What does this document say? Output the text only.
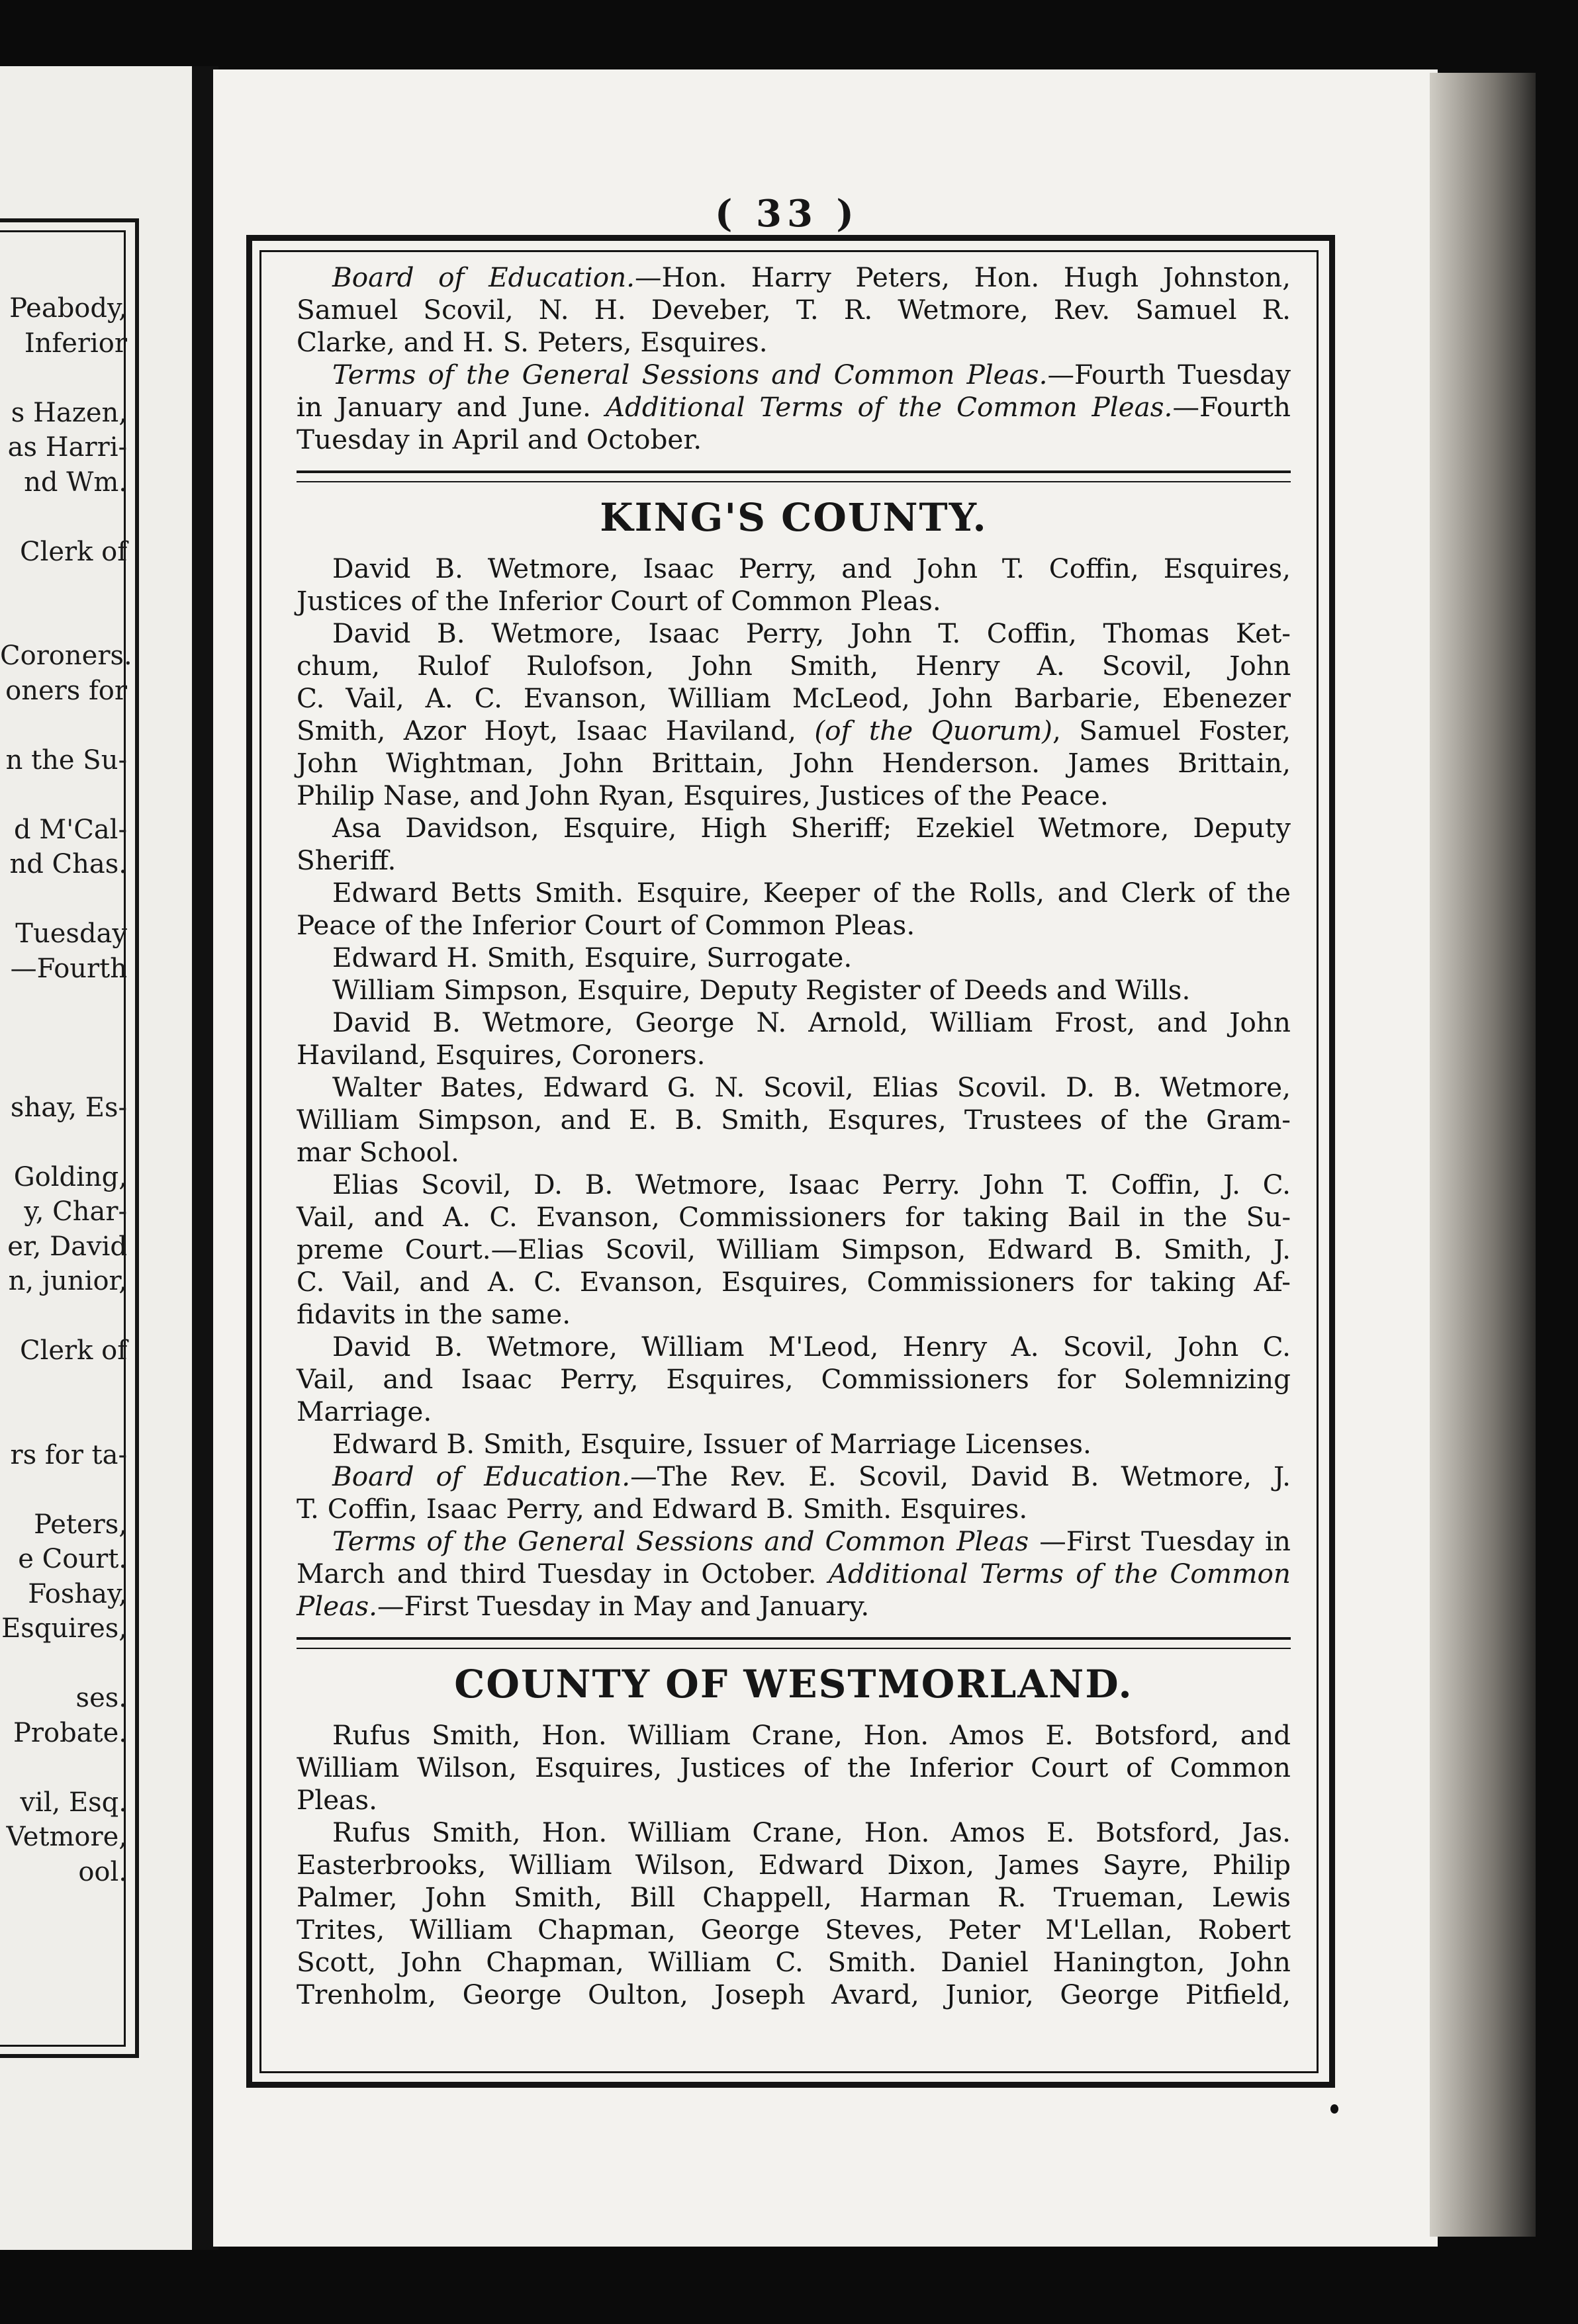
Peabody,
Inferior
s Hazen,
as Harri-
nd Wm.
Clerk of
Coroners.
oners for
n the Su-
d M'Cal-
nd Chas.
Tuesday
—Fourth
shay, Es-
Golding,
y, Char-
er, David
n, junior,
Clerk of
rs for ta-
Peters,
e Court.
Foshay,
Esquires,
ses.
Probate.
vil, Esq.
Vetmore,
ool.
( 33 )

Board of Education.—Hon. Harry Peters, Hon. Hugh Johnston,
Samuel Scovil, N. H. Deveber, T. R. Wetmore, Rev. Samuel R.
Clarke, and H. S. Peters, Esquires.

Terms of the General Sessions and Common Pleas.—Fourth Tuesday
in January and June. Additional Terms of the Common Pleas.—Fourth
Tuesday in April and October.

KING'S COUNTY.

David B. Wetmore, Isaac Perry, and John T. Coffin, Esquires,
Justices of the Inferior Court of Common Pleas.

David B. Wetmore, Isaac Perry, John T. Coffin, Thomas Ket-
chum, Rulof Rulofson, John Smith, Henry A. Scovil, John
C. Vail, A. C. Evanson, William McLeod, John Barbarie, Ebenezer
Smith, Azor Hoyt, Isaac Haviland, (of the Quorum), Samuel Foster,
John Wightman, John Brittain, John Henderson. James Brittain,
Philip Nase, and John Ryan, Esquires, Justices of the Peace.

Asa Davidson, Esquire, High Sheriff; Ezekiel Wetmore, Deputy
Sheriff.

Edward Betts Smith. Esquire, Keeper of the Rolls, and Clerk of the
Peace of the Inferior Court of Common Pleas.

Edward H. Smith, Esquire, Surrogate.

William Simpson, Esquire, Deputy Register of Deeds and Wills.

David B. Wetmore, George N. Arnold, William Frost, and John
Haviland, Esquires, Coroners.

Walter Bates, Edward G. N. Scovil, Elias Scovil. D. B. Wetmore,
William Simpson, and E. B. Smith, Esqures, Trustees of the Gram-
mar School.

Elias Scovil, D. B. Wetmore, Isaac Perry. John T. Coffin, J. C.
Vail, and A. C. Evanson, Commissioners for taking Bail in the Su-
preme Court.—Elias Scovil, William Simpson, Edward B. Smith, J.
C. Vail, and A. C. Evanson, Esquires, Commissioners for taking Af-
fidavits in the same.

David B. Wetmore, William M'Leod, Henry A. Scovil, John C.
Vail, and Isaac Perry, Esquires, Commissioners for Solemnizing
Marriage.

Edward B. Smith, Esquire, Issuer of Marriage Licenses.

Board of Education.—The Rev. E. Scovil, David B. Wetmore, J.
T. Coffin, Isaac Perry, and Edward B. Smith. Esquires.

Terms of the General Sessions and Common Pleas —First Tuesday in
March and third Tuesday in October. Additional Terms of the Common
Pleas.—First Tuesday in May and January.

COUNTY OF WESTMORLAND.

Rufus Smith, Hon. William Crane, Hon. Amos E. Botsford, and
William Wilson, Esquires, Justices of the Inferior Court of Common
Pleas.

Rufus Smith, Hon. William Crane, Hon. Amos E. Botsford, Jas.
Easterbrooks, William Wilson, Edward Dixon, James Sayre, Philip
Palmer, John Smith, Bill Chappell, Harman R. Trueman, Lewis
Trites, William Chapman, George Steves, Peter M'Lellan, Robert
Scott, John Chapman, William C. Smith. Daniel Hanington, John
Trenholm, George Oulton, Joseph Avard, Junior, George Pitfield,
